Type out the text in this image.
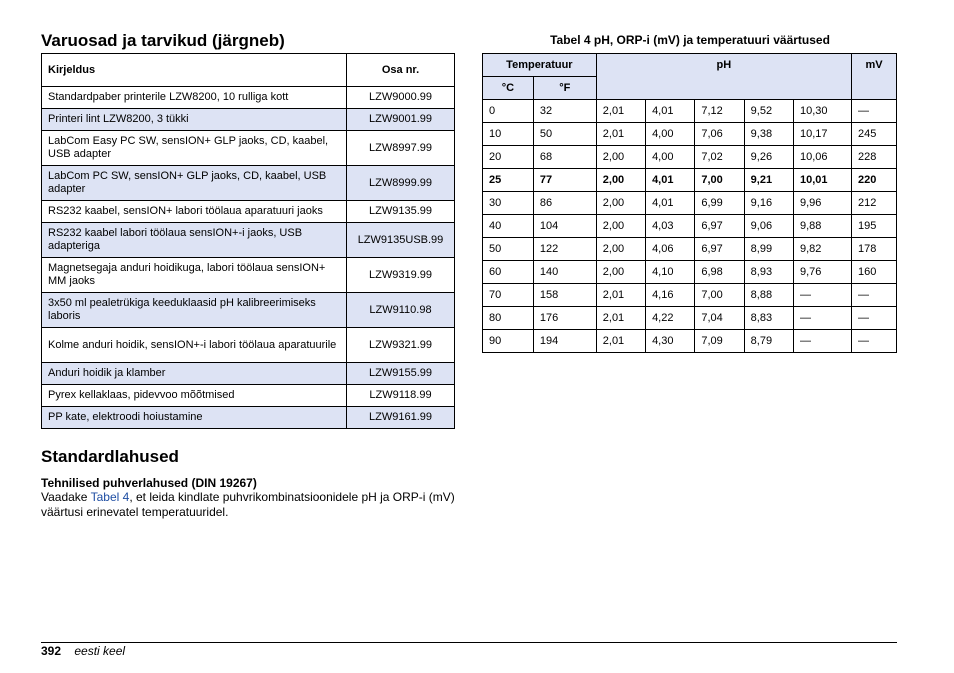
Varuosad ja tarvikud (järgneb)
Kirjeldus	Osa nr.
Standardpaber printerile LZW8200, 10 rulliga kott	LZW9000.99
Printeri lint LZW8200, 3 tükki	LZW9001.99
LabCom Easy PC SW, sensION+ GLP jaoks, CD, kaabel, USB adapter	LZW8997.99
LabCom PC SW, sensION+ GLP jaoks, CD, kaabel, USB adapter	LZW8999.99
RS232 kaabel, sensION+ labori töölaua aparatuuri jaoks	LZW9135.99
RS232 kaabel labori töölaua sensION+-i jaoks, USB adapteriga	LZW9135USB.99
Magnetsegaja anduri hoidikuga, labori töölaua sensION+ MM jaoks	LZW9319.99
3x50 ml pealetrükiga keeduklaasid pH kalibreerimiseks laboris	LZW9110.98
Kolme anduri hoidik, sensION+-i labori töölaua aparatuurile	LZW9321.99
Anduri hoidik ja klamber	LZW9155.99
Pyrex kellaklaas, pidevvoo mõõtmised	LZW9118.99
PP kate, elektroodi hoiustamine	LZW9161.99
Standardlahused
Tehnilised puhverlahused (DIN 19267)

Vaadake Tabel 4, et leida kindlate puhvrikombinatsioonidele pH ja ORP-i (mV) väärtusi erinevatel temperatuuridel.

Tabel 4 pH, ORP-i (mV) ja temperatuuri väärtused
Temperatuur		pH					mV
°C	°F						
0	32	2,01	4,01	7,12	9,52	10,30	—
10	50	2,01	4,00	7,06	9,38	10,17	245
20	68	2,00	4,00	7,02	9,26	10,06	228
25	77	2,00	4,01	7,00	9,21	10,01	220
30	86	2,00	4,01	6,99	9,16	9,96	212
40	104	2,00	4,03	6,97	9,06	9,88	195
50	122	2,00	4,06	6,97	8,99	9,82	178
60	140	2,00	4,10	6,98	8,93	9,76	160
70	158	2,01	4,16	7,00	8,88	—	—
80	176	2,01	4,22	7,04	8,83	—	—
90	194	2,01	4,30	7,09	8,79	—	—
392 eesti keel
